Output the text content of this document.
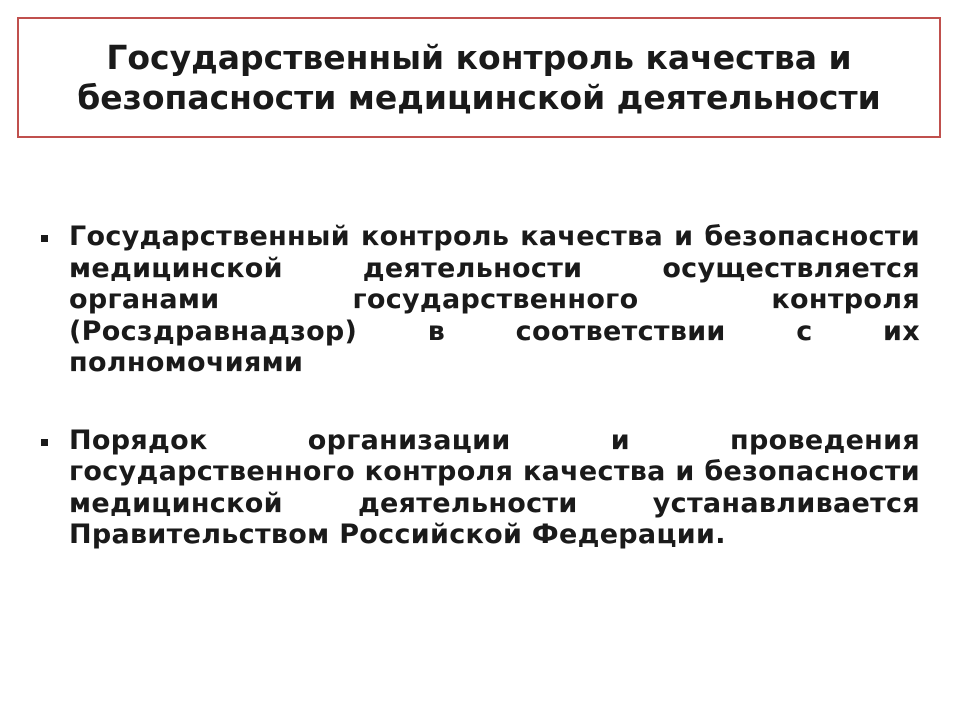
Государственный контроль качества и
безопасности медицинской деятельности
Государственный контроль качества и безопасности медицинской деятельности осуществляется органами государственного контроля (Росздравнадзор) в соответствии с их полномочиями
Порядок организации и проведения государственного контроля качества и безопасности медицинской деятельности устанавливается Правительством Российской Федерации.
